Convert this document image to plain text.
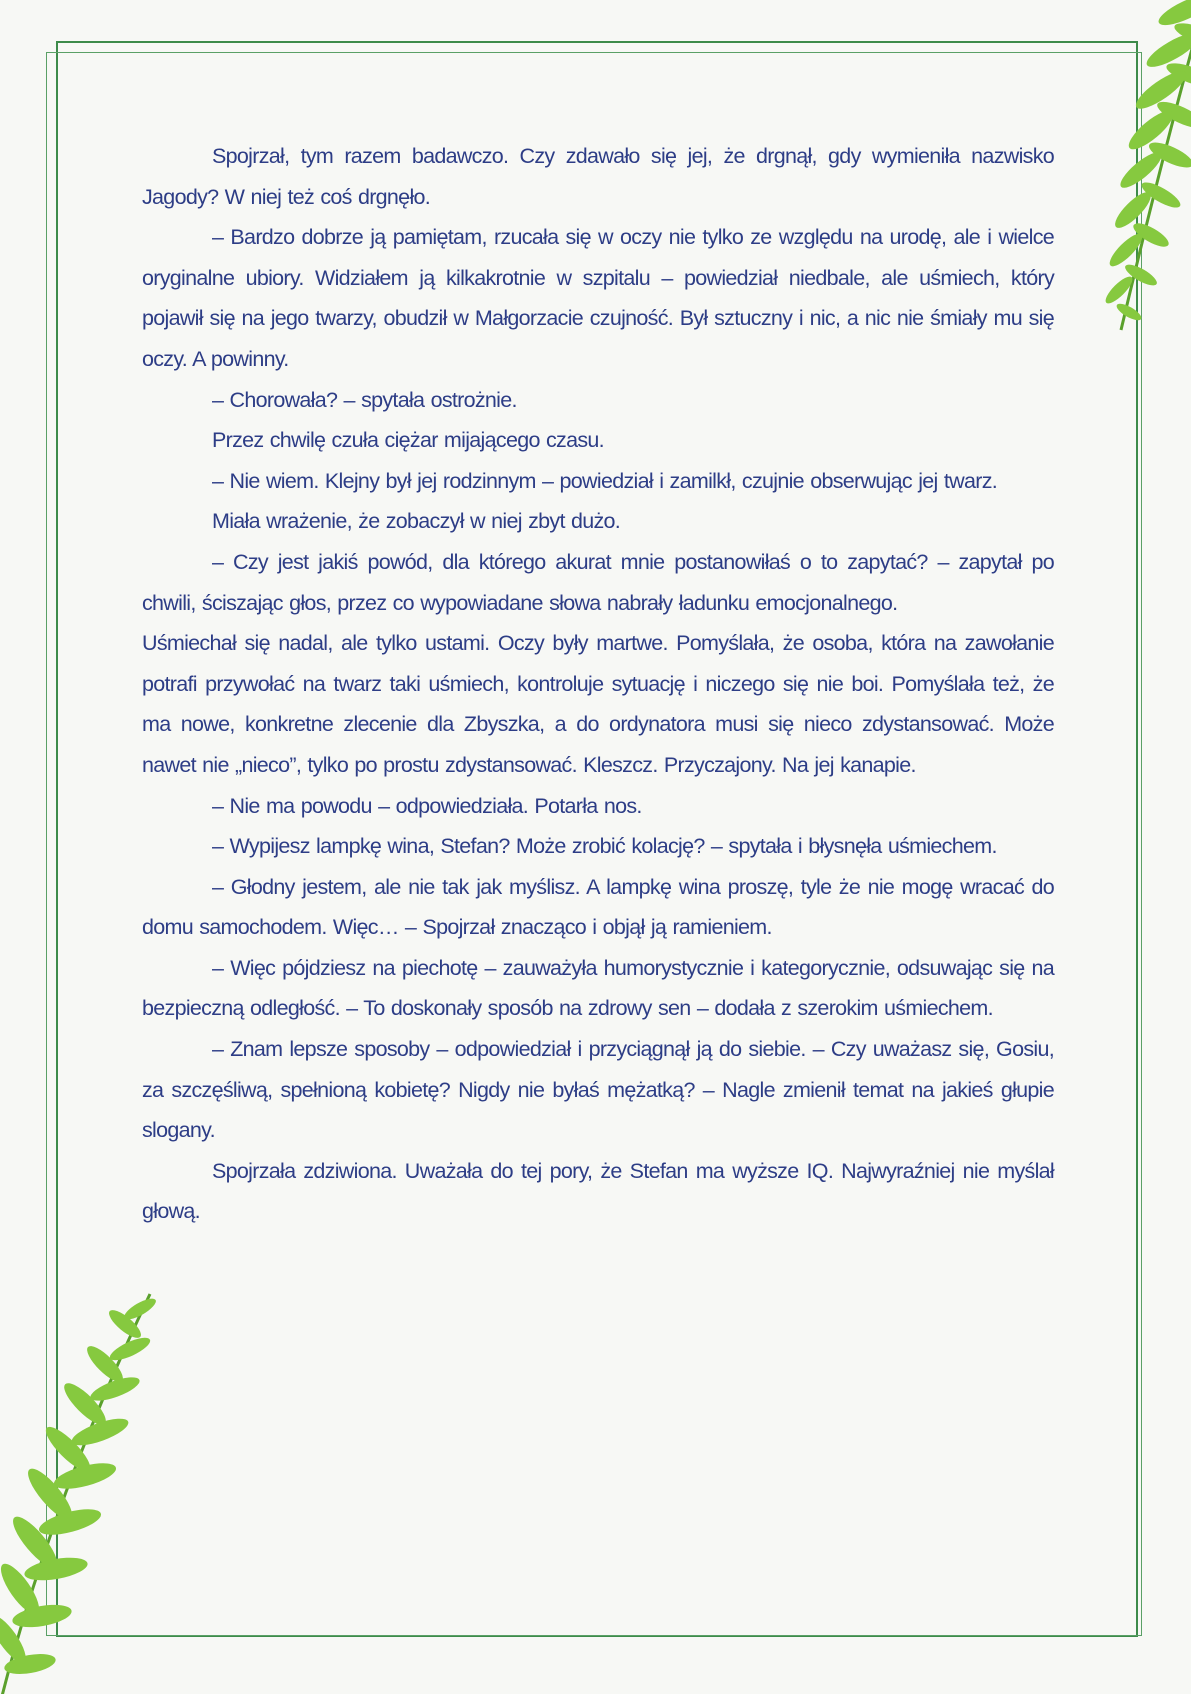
Spojrzał, tym razem badawczo. Czy zdawało się jej, że drgnął, gdy wymieniła nazwisko Jagody? W niej też coś drgnęło.

– Bardzo dobrze ją pamiętam, rzucała się w oczy nie tylko ze względu na urodę, ale i wielce oryginalne ubiory. Widziałem ją kilkakrotnie w szpitalu – powiedział niedbale, ale uśmiech, który pojawił się na jego twarzy, obudził w Małgorzacie czujność. Był sztuczny i nic, a nic nie śmiały mu się oczy. A powinny.

– Chorowała? – spytała ostrożnie.

Przez chwilę czuła ciężar mijającego czasu.

– Nie wiem. Klejny był jej rodzinnym – powiedział i zamilkł, czujnie obserwując jej twarz.

Miała wrażenie, że zobaczył w niej zbyt dużo.

– Czy jest jakiś powód, dla którego akurat mnie postanowiłaś o to zapytać? – zapytał po chwili, ściszając głos, przez co wypowiadane słowa nabrały ładunku emocjonalnego.

Uśmiechał się nadal, ale tylko ustami. Oczy były martwe. Pomyślała, że osoba, która na zawołanie potrafi przywołać na twarz taki uśmiech, kontroluje sytuację i niczego się nie boi. Pomyślała też, że ma nowe, konkretne zlecenie dla Zbyszka, a do ordynatora musi się nieco zdystansować. Może nawet nie „nieco”, tylko po prostu zdystansować. Kleszcz. Przyczajony. Na jej kanapie.

– Nie ma powodu – odpowiedziała. Potarła nos.

– Wypijesz lampkę wina, Stefan? Może zrobić kolację? – spytała i błysnęła uśmiechem.

– Głodny jestem, ale nie tak jak myślisz. A lampkę wina proszę, tyle że nie mogę wracać do domu samochodem. Więc… – Spojrzał znacząco i objął ją ramieniem.

– Więc pójdziesz na piechotę – zauważyła humorystycznie i kategorycznie, odsuwając się na bezpieczną odległość. – To doskonały sposób na zdrowy sen – dodała z szerokim uśmiechem.

– Znam lepsze sposoby – odpowiedział i przyciągnął ją do siebie. – Czy uważasz się, Gosiu, za szczęśliwą, spełnioną kobietę? Nigdy nie byłaś mężatką? – Nagle zmienił temat na jakieś głupie slogany.

Spojrzała zdziwiona. Uważała do tej pory, że Stefan ma wyższe IQ. Najwyraźniej nie myślał głową.
